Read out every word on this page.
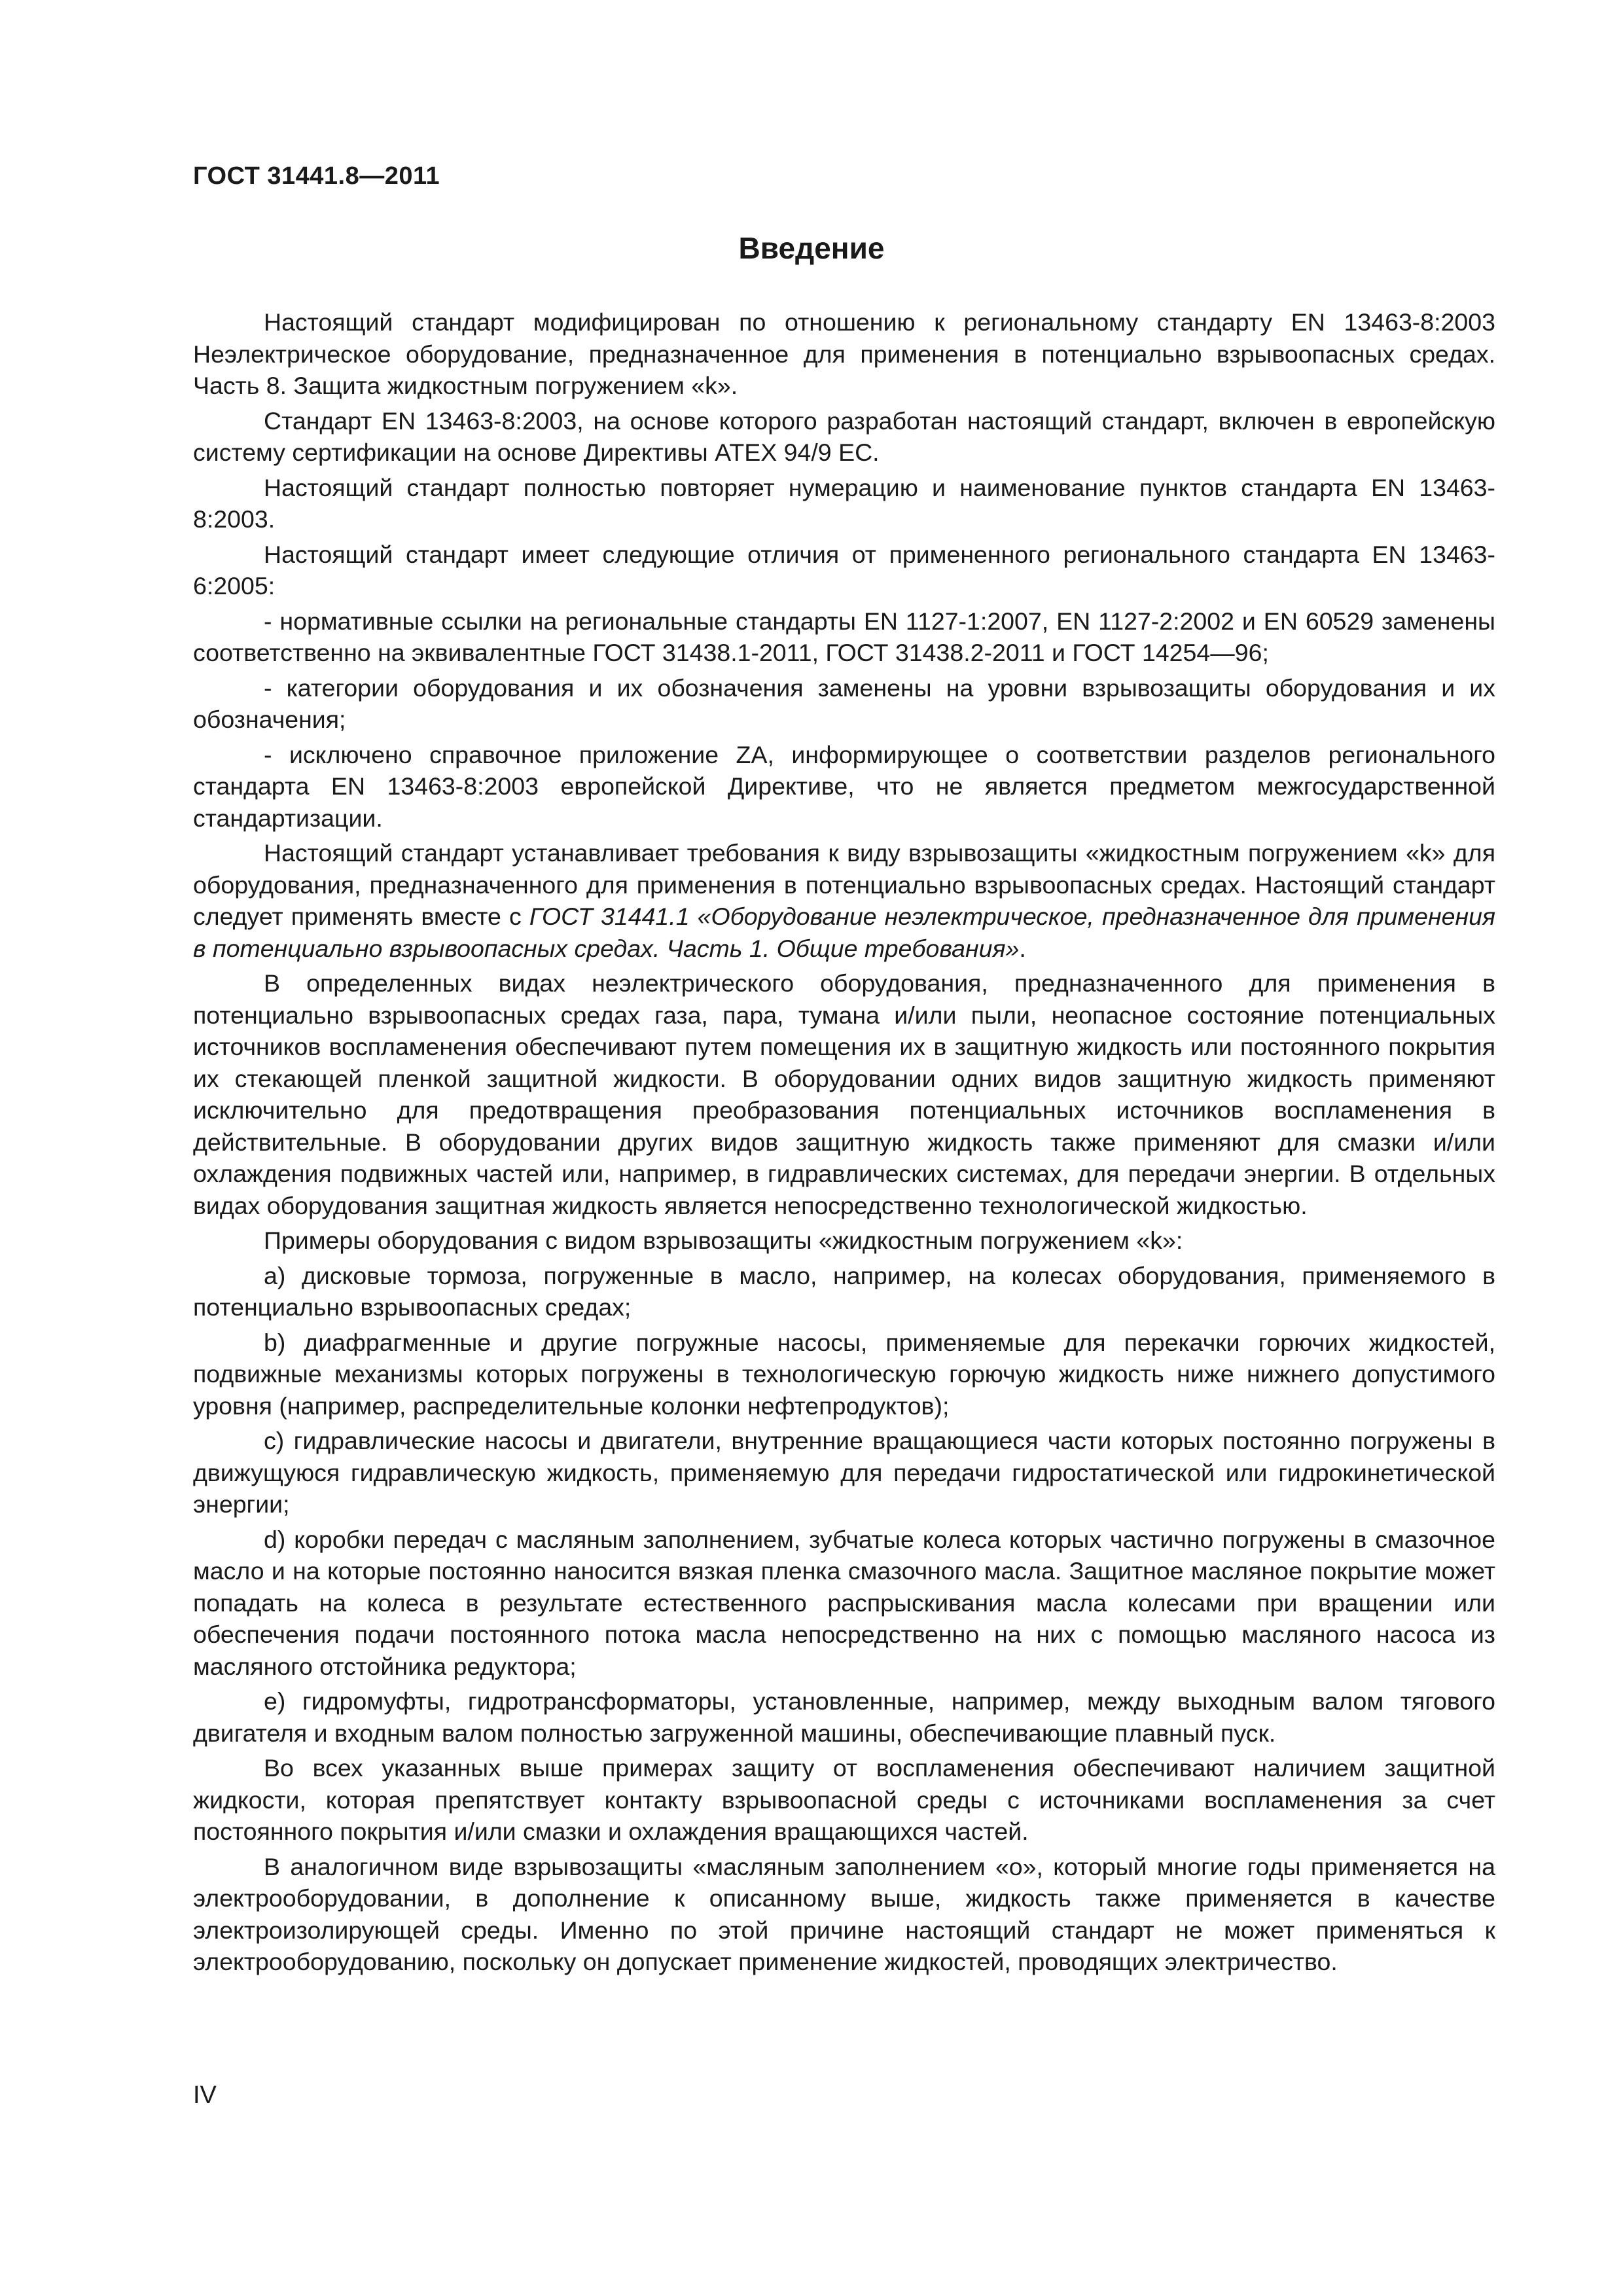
ГОСТ 31441.8—2011
Введение

Настоящий стандарт модифицирован по отношению к региональному стандарту EN 13463-8:2003 Неэлектрическое оборудование, предназначенное для применения в потенциально взрывоопасных средах. Часть 8. Защита жидкостным погружением «k».

Стандарт EN 13463-8:2003, на основе которого разработан настоящий стандарт, включен в европейскую систему сертификации на основе Директивы ATEX 94/9 EC.

Настоящий стандарт полностью повторяет нумерацию и наименование пунктов стандарта EN 13463-8:2003.

Настоящий стандарт имеет следующие отличия от примененного регионального стандарта EN 13463-6:2005:

- нормативные ссылки на региональные стандарты EN 1127-1:2007, EN 1127-2:2002 и EN 60529 заменены соответственно на эквивалентные ГОСТ 31438.1-2011, ГОСТ 31438.2-2011 и ГОСТ 14254—96;

- категории оборудования и их обозначения заменены на уровни взрывозащиты оборудования и их обозначения;

- исключено справочное приложение ZA, информирующее о соответствии разделов регионального стандарта EN 13463-8:2003 европейской Директиве, что не является предметом межгосударственной стандартизации.

Настоящий стандарт устанавливает требования к виду взрывозащиты «жидкостным погружением «k» для оборудования, предназначенного для применения в потенциально взрывоопасных средах. Настоящий стандарт следует применять вместе с ГОСТ 31441.1 «Оборудование неэлектрическое, предназначенное для применения в потенциально взрывоопасных средах. Часть 1. Общие требования».

В определенных видах неэлектрического оборудования, предназначенного для применения в потенциально взрывоопасных средах газа, пара, тумана и/или пыли, неопасное состояние потенциальных источников воспламенения обеспечивают путем помещения их в защитную жидкость или постоянного покрытия их стекающей пленкой защитной жидкости. В оборудовании одних видов защитную жидкость применяют исключительно для предотвращения преобразования потенциальных источников воспламенения в действительные. В оборудовании других видов защитную жидкость также применяют для смазки и/или охлаждения подвижных частей или, например, в гидравлических системах, для передачи энергии. В отдельных видах оборудования защитная жидкость является непосредственно технологической жидкостью.

Примеры оборудования с видом взрывозащиты «жидкостным погружением «k»:

a) дисковые тормоза, погруженные в масло, например, на колесах оборудования, применяемого в потенциально взрывоопасных средах;

b) диафрагменные и другие погружные насосы, применяемые для перекачки горючих жидкостей, подвижные механизмы которых погружены в технологическую горючую жидкость ниже нижнего допустимого уровня (например, распределительные колонки нефтепродуктов);

c) гидравлические насосы и двигатели, внутренние вращающиеся части которых постоянно погружены в движущуюся гидравлическую жидкость, применяемую для передачи гидростатической или гидрокинетической энергии;

d) коробки передач с масляным заполнением, зубчатые колеса которых частично погружены в смазочное масло и на которые постоянно наносится вязкая пленка смазочного масла. Защитное масляное покрытие может попадать на колеса в результате естественного распрыскивания масла колесами при вращении или обеспечения подачи постоянного потока масла непосредственно на них с помощью масляного насоса из масляного отстойника редуктора;

e) гидромуфты, гидротрансформаторы, установленные, например, между выходным валом тягового двигателя и входным валом полностью загруженной машины, обеспечивающие плавный пуск.

Во всех указанных выше примерах защиту от воспламенения обеспечивают наличием защитной жидкости, которая препятствует контакту взрывоопасной среды с источниками воспламенения за счет постоянного покрытия и/или смазки и охлаждения вращающихся частей.

В аналогичном виде взрывозащиты «масляным заполнением «o», который многие годы применяется на электрооборудовании, в дополнение к описанному выше, жидкость также применяется в качестве электроизолирующей среды. Именно по этой причине настоящий стандарт не может применяться к электрооборудованию, поскольку он допускает применение жидкостей, проводящих электричество.

IV
